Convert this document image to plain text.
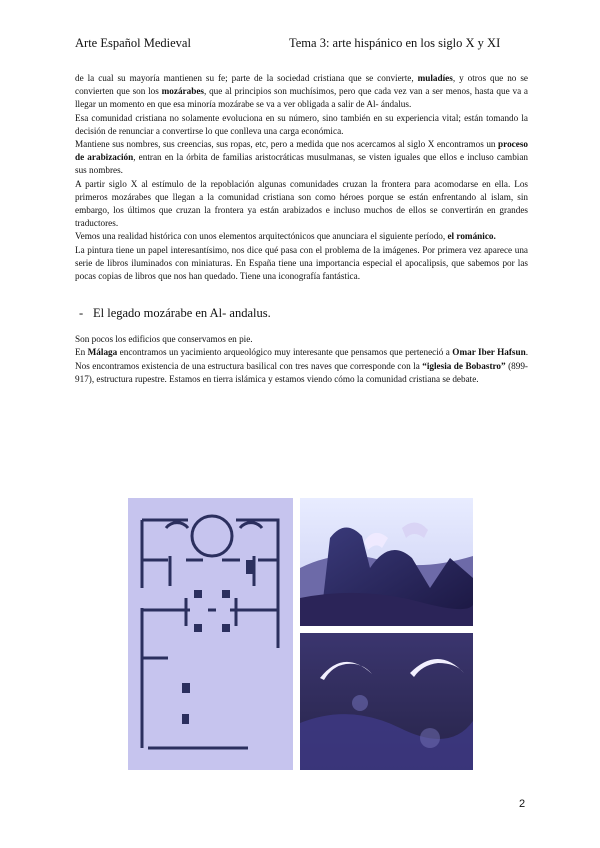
Arte Español Medieval	Tema 3: arte hispánico en los siglo X y XI

de la cual su mayoría mantienen su fe; parte de la sociedad cristiana que se convierte, muladíes, y otros que no se convierten que son los mozárabes, que al principios son muchísimos, pero que cada vez van a ser menos, hasta que va a llegar un momento en que esa minoría mozárabe se va a ver obligada a salir de Al- ándalus.

Esa comunidad cristiana no solamente evoluciona en su número, sino también en su experiencia vital; están tomando la decisión de renunciar a convertirse lo que conlleva una carga económica.

Mantiene sus nombres, sus creencias, sus ropas, etc, pero a medida que nos acercamos al siglo X encontramos un proceso de arabización, entran en la órbita de familias aristocráticas musulmanas, se visten iguales que ellos e incluso cambian sus nombres.

A partir siglo X al estímulo de la repoblación algunas comunidades cruzan la frontera para acomodarse en ella. Los primeros mozárabes que llegan a la comunidad cristiana son como héroes porque se están enfrentando al islam, sin embargo, los últimos que cruzan la frontera ya están arabizados e incluso muchos de ellos se convertirán en grandes traductores.

Vemos una realidad histórica con unos elementos arquitectónicos que anunciara el siguiente período, el románico.

La pintura tiene un papel interesantísimo, nos dice qué pasa con el problema de la imágenes. Por primera vez aparece una serie de libros iluminados con miniaturas. En España tiene una importancia especial el apocalipsis, que sabemos por las pocas copias de libros que nos han quedado. Tiene una iconografía fantástica.

- El legado mozárabe en Al- andalus.

Son pocos los edificios que conservamos en pie.

En Málaga encontramos un yacimiento arqueológico muy interesante que pensamos que perteneció a Omar Iber Hafsun. Nos encontramos existencia de una estructura basilical con tres naves que corresponde con la “iglesia de Bobastro” (899-917), estructura rupestre. Estamos en tierra islámica y estamos viendo cómo la comunidad cristiana se debate.

2
